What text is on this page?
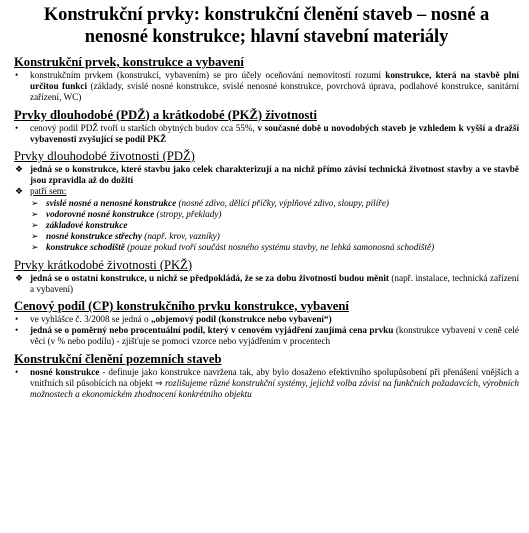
Konstrukční prvky: konstrukční členění staveb – nosné a nenosné konstrukce; hlavní stavební materiály
Konstrukční prvek, konstrukce a vybavení
•	konstrukčním prvkem (konstrukcí, vybavením) se pro účely oceňování nemovitostí rozumí konstrukce, která na stavbě plní určitou funkci (základy, svislé nosné konstrukce, svislé nenosné konstrukce, povrchová úprava, podlahové konstrukce, sanitární zařízení, WC)
Prvky dlouhodobé (PDŽ) a krátkodobé (PKŽ) životnosti
•	cenový podíl PDŽ tvoří u starších obytných budov cca 55%, v současné době u novodobých staveb je vzhledem k vyšší a dražší vybavenosti zvyšující se podíl PKŽ
Prvky dlouhodobé životnosti (PDŽ)
❖ jedná se o konstrukce, které stavbu jako celek charakterizují a na nichž přímo závisí technická životnost stavby a ve stavbě jsou zpravidla až do dožití
❖ patří sem:
➢ svislé nosné a nenosné konstrukce (nosné zdivo, dělící příčky, výplňové zdivo, sloupy, pilíře)
➢ vodorovné nosné konstrukce (stropy, překlady)
➢ základové konstrukce
➢ nosné konstrukce střechy (např. krov, vazníky)
➢ konstrukce schodiště (pouze pokud tvoří součást nosného systému stavby, ne lehká samonosná schodiště)
Prvky krátkodobé životnosti (PKŽ)
❖ jedná se o ostatní konstrukce, u nichž se předpokládá, že se za dobu životnosti budou měnit (např. instalace, technická zařízení a vybavení)
Cenový podíl (CP) konstrukčního prvku konstrukce, vybavení
•	ve vyhlášce č. 3/2008 se jedná o „objemový podíl (konstrukce nebo vybavení“)
•	jedná se o poměrný nebo procentuální podíl, který v cenovém vyjádření zaujímá cena prvku (konstrukce vybavení v ceně celé věci (v % nebo podílu) - zjišťuje se pomocí vzorce nebo vyjádřením v procentech
Konstrukční členění pozemních staveb
•	nosné konstrukce - definuje jako konstrukce navržena tak, aby bylo dosaženo efektivního spolupůsobení při přenášení vnějších a vnitřních sil působících na objekt ⇒ rozlišujeme různé konstrukční systémy, jejichž volba závisí na funkčních požadavcích, výrobních možnostech a ekonomickém zhodnocení konkrétního objektu
